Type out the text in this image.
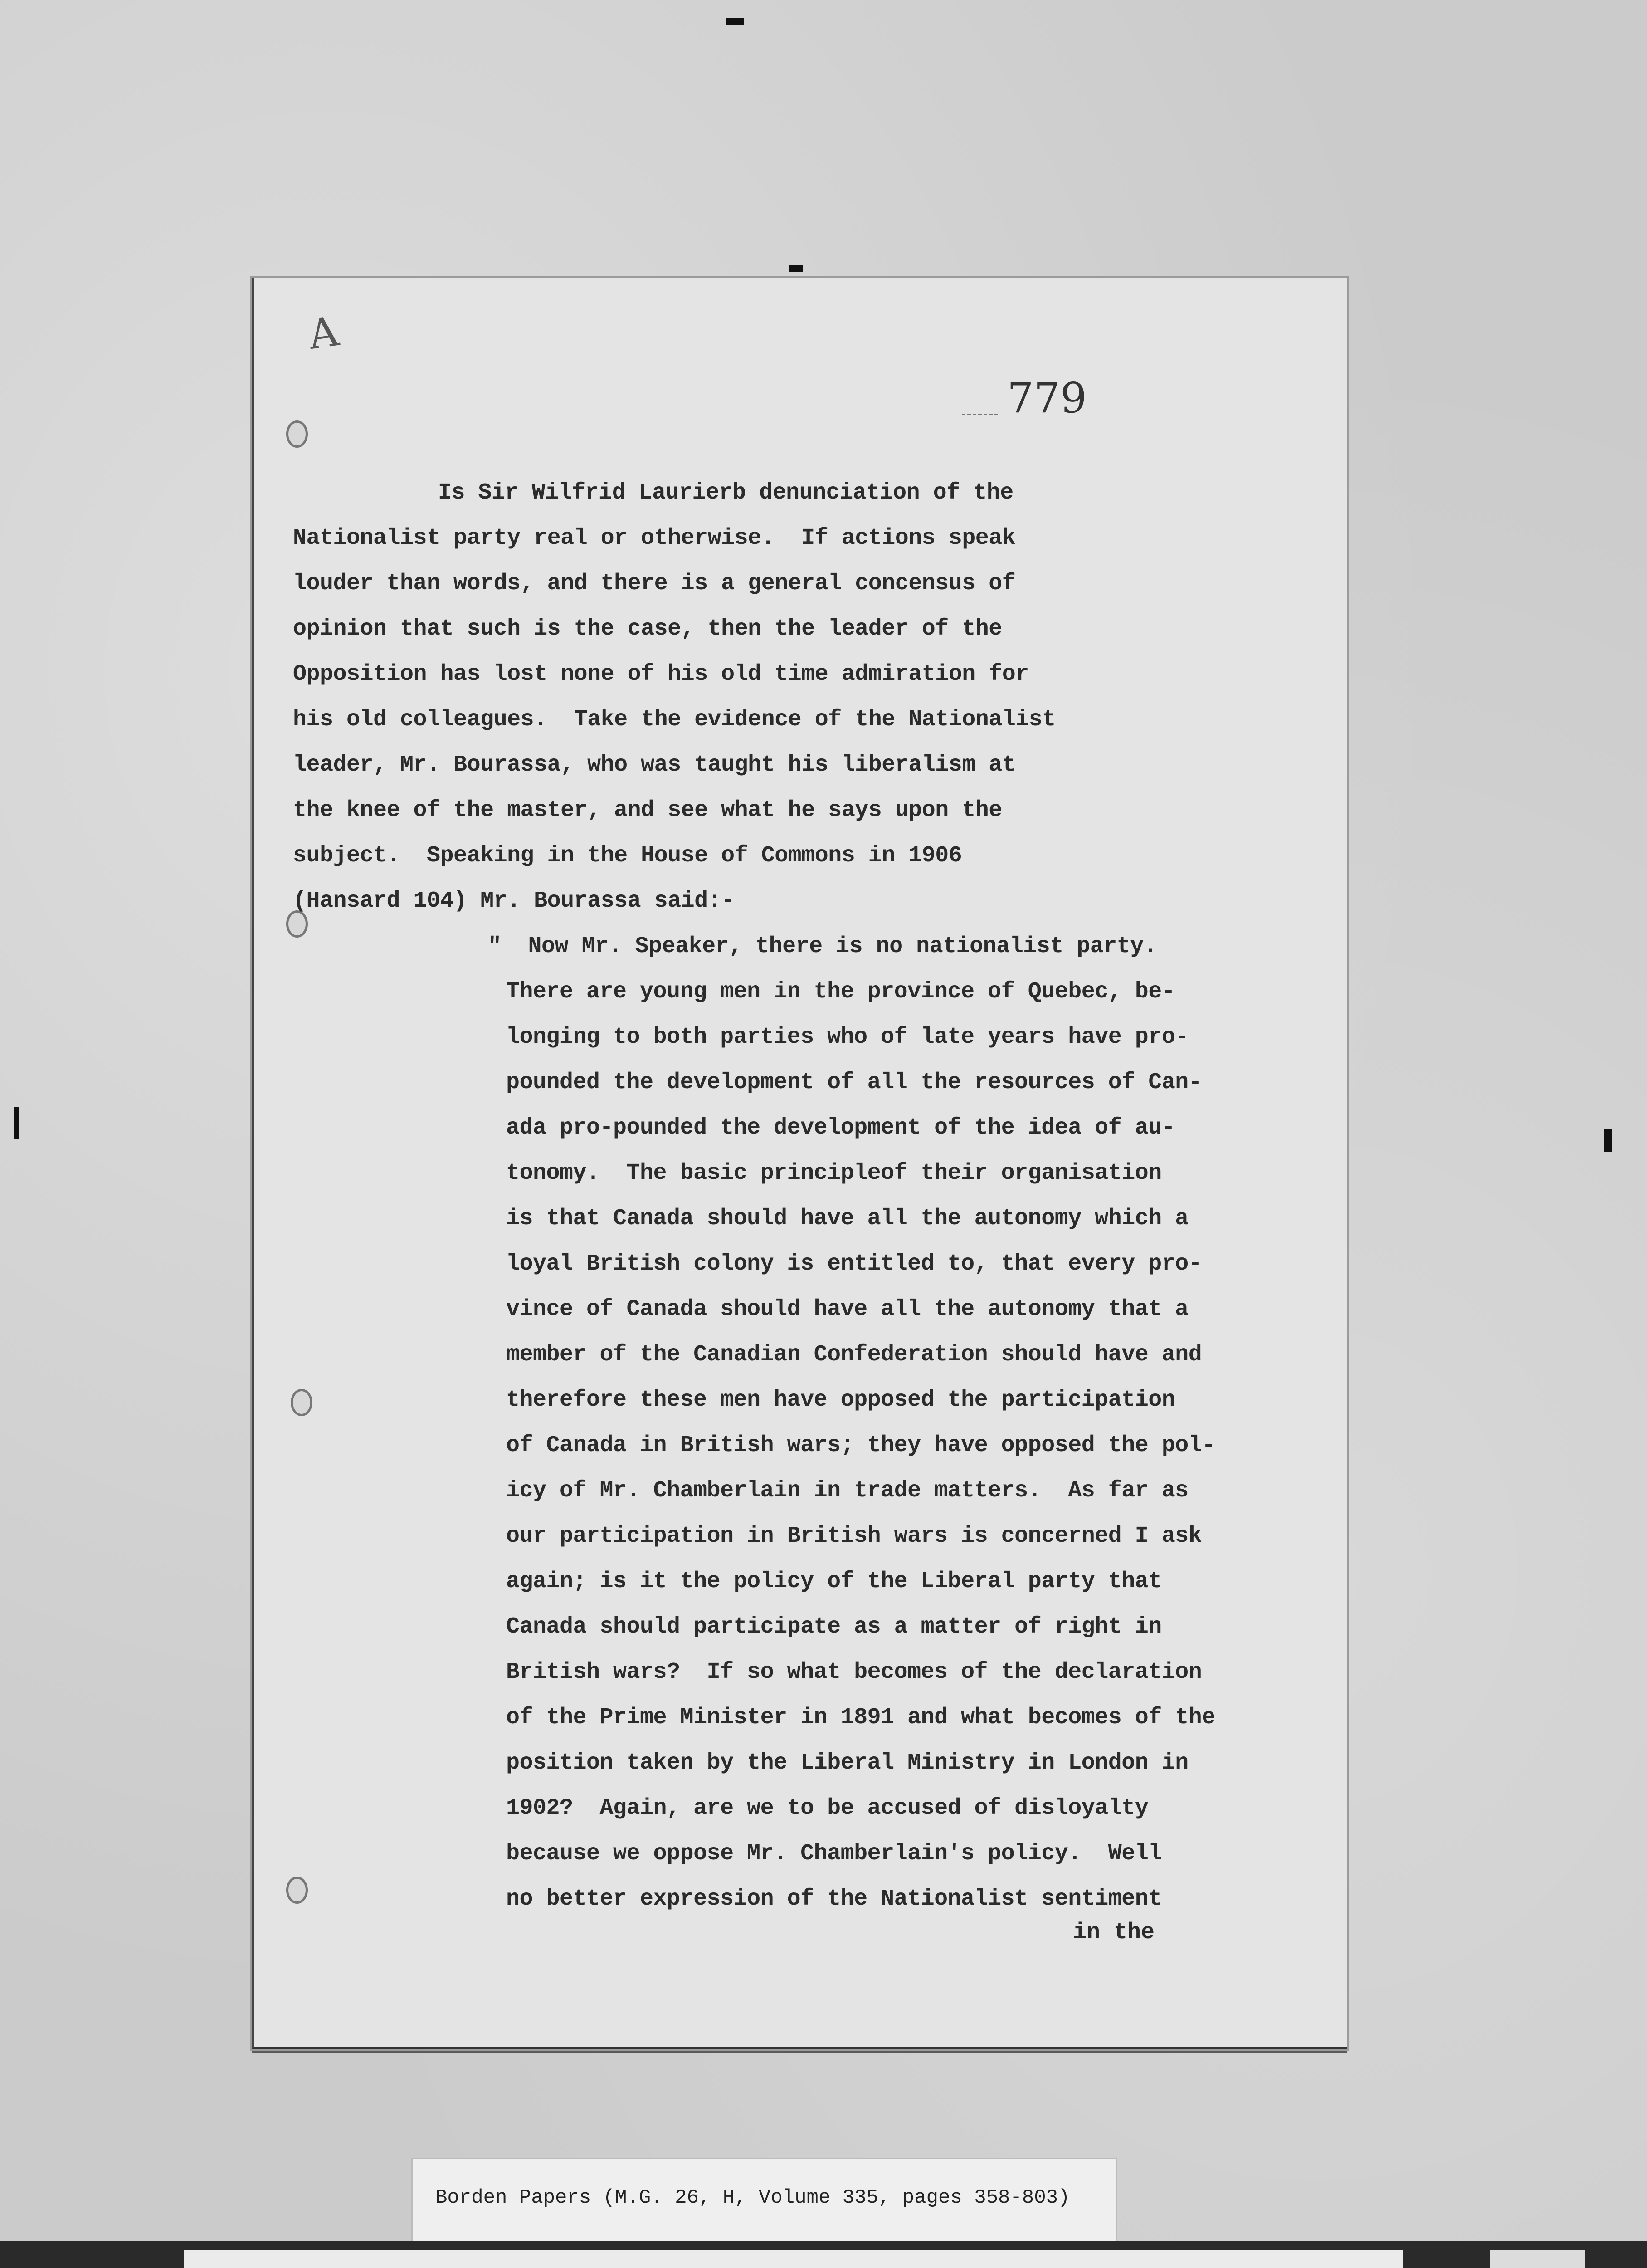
A
779

Is Sir Wilfrid Laurierb denunciation of the

Nationalist party real or otherwise.  If actions speak

louder than words, and there is a general concensus of

opinion that such is the case, then the leader of the

Opposition has lost none of his old time admiration for

his old colleagues.  Take the evidence of the Nationalist

leader, Mr. Bourassa, who was taught his liberalism at

the knee of the master, and see what he says upon the

subject.  Speaking in the House of Commons in 1906

(Hansard 104) Mr. Bourassa said:-

"  Now Mr. Speaker, there is no nationalist party.

There are young men in the province of Quebec, be-

longing to both parties who of late years have pro-

pounded the development of all the resources of Can-

ada pro-pounded the development of the idea of au-

tonomy.  The basic principleof their organisation

is that Canada should have all the autonomy which a

loyal British colony is entitled to, that every pro-

vince of Canada should have all the autonomy that a

member of the Canadian Confederation should have and

therefore these men have opposed the participation

of Canada in British wars; they have opposed the pol-

icy of Mr. Chamberlain in trade matters.  As far as

our participation in British wars is concerned I ask

again; is it the policy of the Liberal party that

Canada should participate as a matter of right in

British wars?  If so what becomes of the declaration

of the Prime Minister in 1891 and what becomes of the

position taken by the Liberal Ministry in London in

1902?  Again, are we to be accused of disloyalty

because we oppose Mr. Chamberlain's policy.  Well

no better expression of the Nationalist sentiment

in the
Borden Papers (M.G. 26, H, Volume 335, pages 358-803)
